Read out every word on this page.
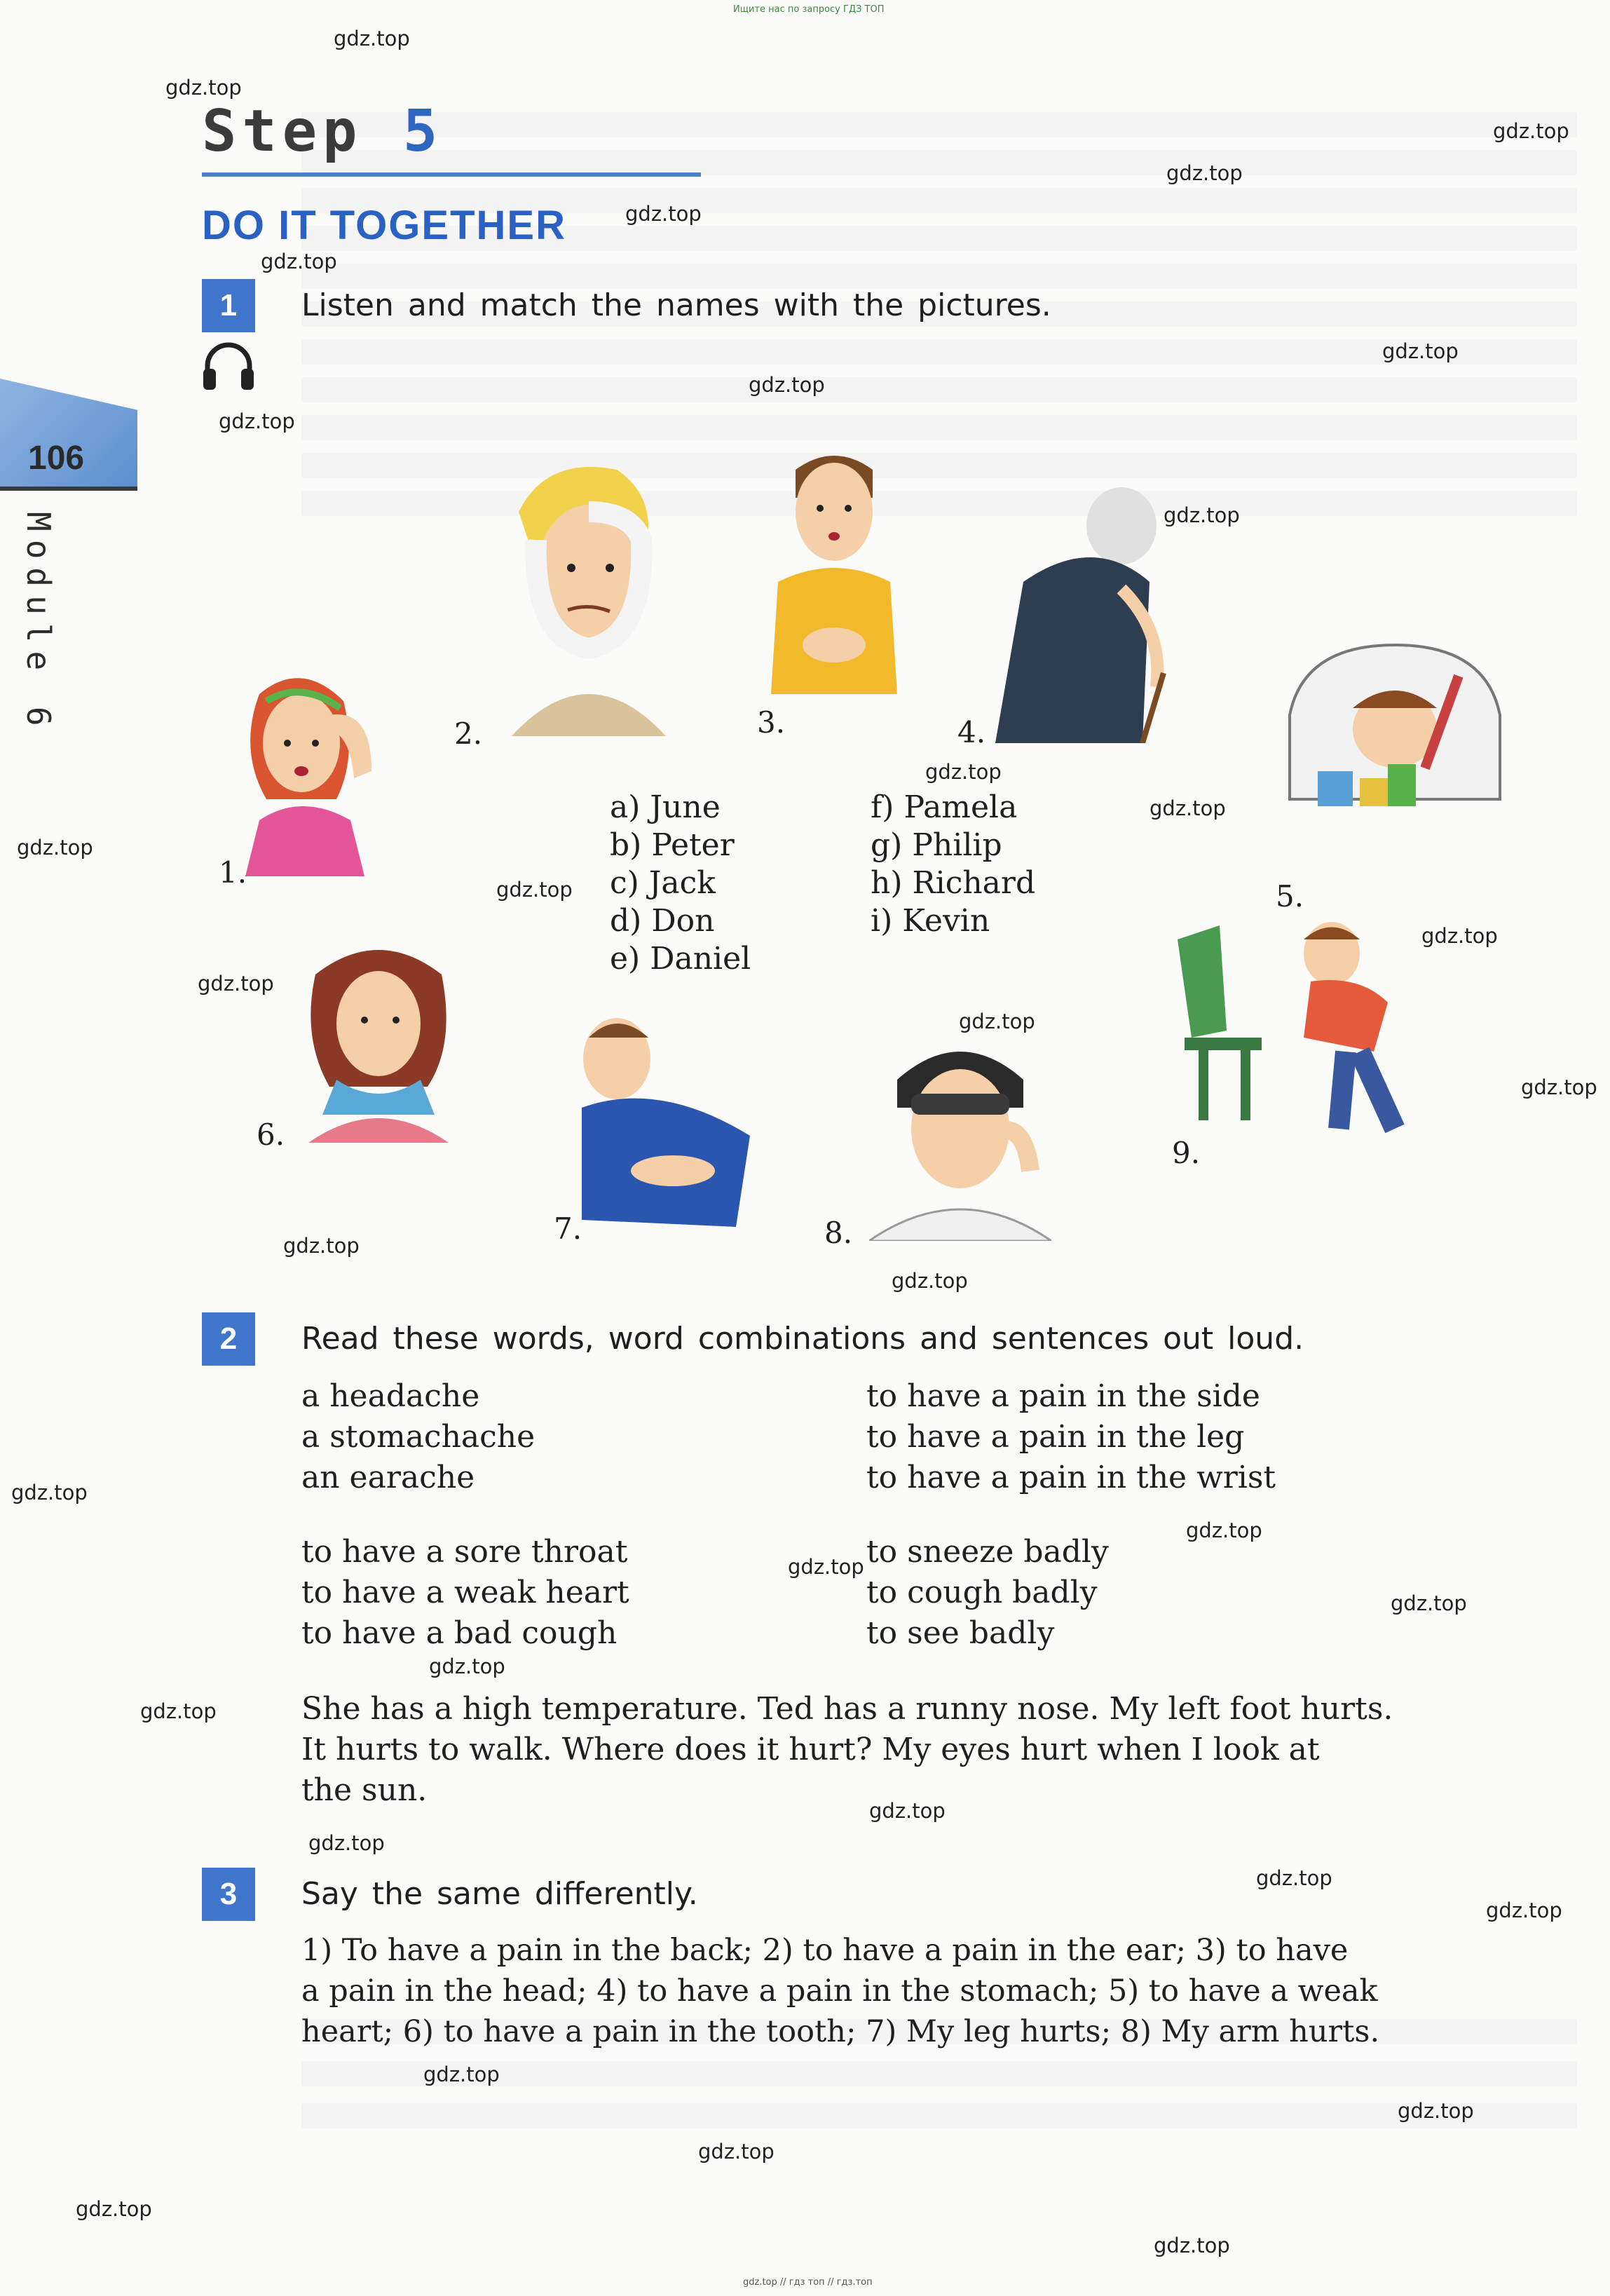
Ищите нас по запросу ГДЗ ТОП
gdz.top // гдз топ // гдз.топ
106
Module 6
Step 5
DO IT TOGETHER
1	Listen and match the names with the pictures.
1.
2.	3.	4.
5.
6.
7.	8.
9.
a) June
b) Peter
c) Jack
d) Don
e) Daniel
f) Pamela
g) Philip
h) Richard
i) Kevin
2	Read these words, word combinations and sentences out loud.
a headache
a stomachache
an earache
to have a pain in the side
to have a pain in the leg
to have a pain in the wrist
to have a sore throat
to have a weak heart
to have a bad cough
to sneeze badly
to cough badly
to see badly
She has a high temperature. Ted has a runny nose. My left foot hurts.
It hurts to walk. Where does it hurt? My eyes hurt when I look at
the sun.
3	Say the same differently.
1) To have a pain in the back; 2) to have a pain in the ear; 3) to have
a pain in the head; 4) to have a pain in the stomach; 5) to have a weak
heart; 6) to have a pain in the tooth; 7) My leg hurts; 8) My arm hurts.
gdz.top
gdz.top
gdz.top
gdz.top
gdz.top
gdz.top
gdz.top
gdz.top
gdz.top
gdz.top
gdz.top
gdz.top
gdz.top
gdz.top
gdz.top
gdz.top
gdz.top
gdz.top
gdz.top
gdz.top
gdz.top
gdz.top
gdz.top
gdz.top
gdz.top
gdz.top
gdz.top
gdz.top
gdz.top
gdz.top
gdz.top
gdz.top
gdz.top
gdz.top
gdz.top
